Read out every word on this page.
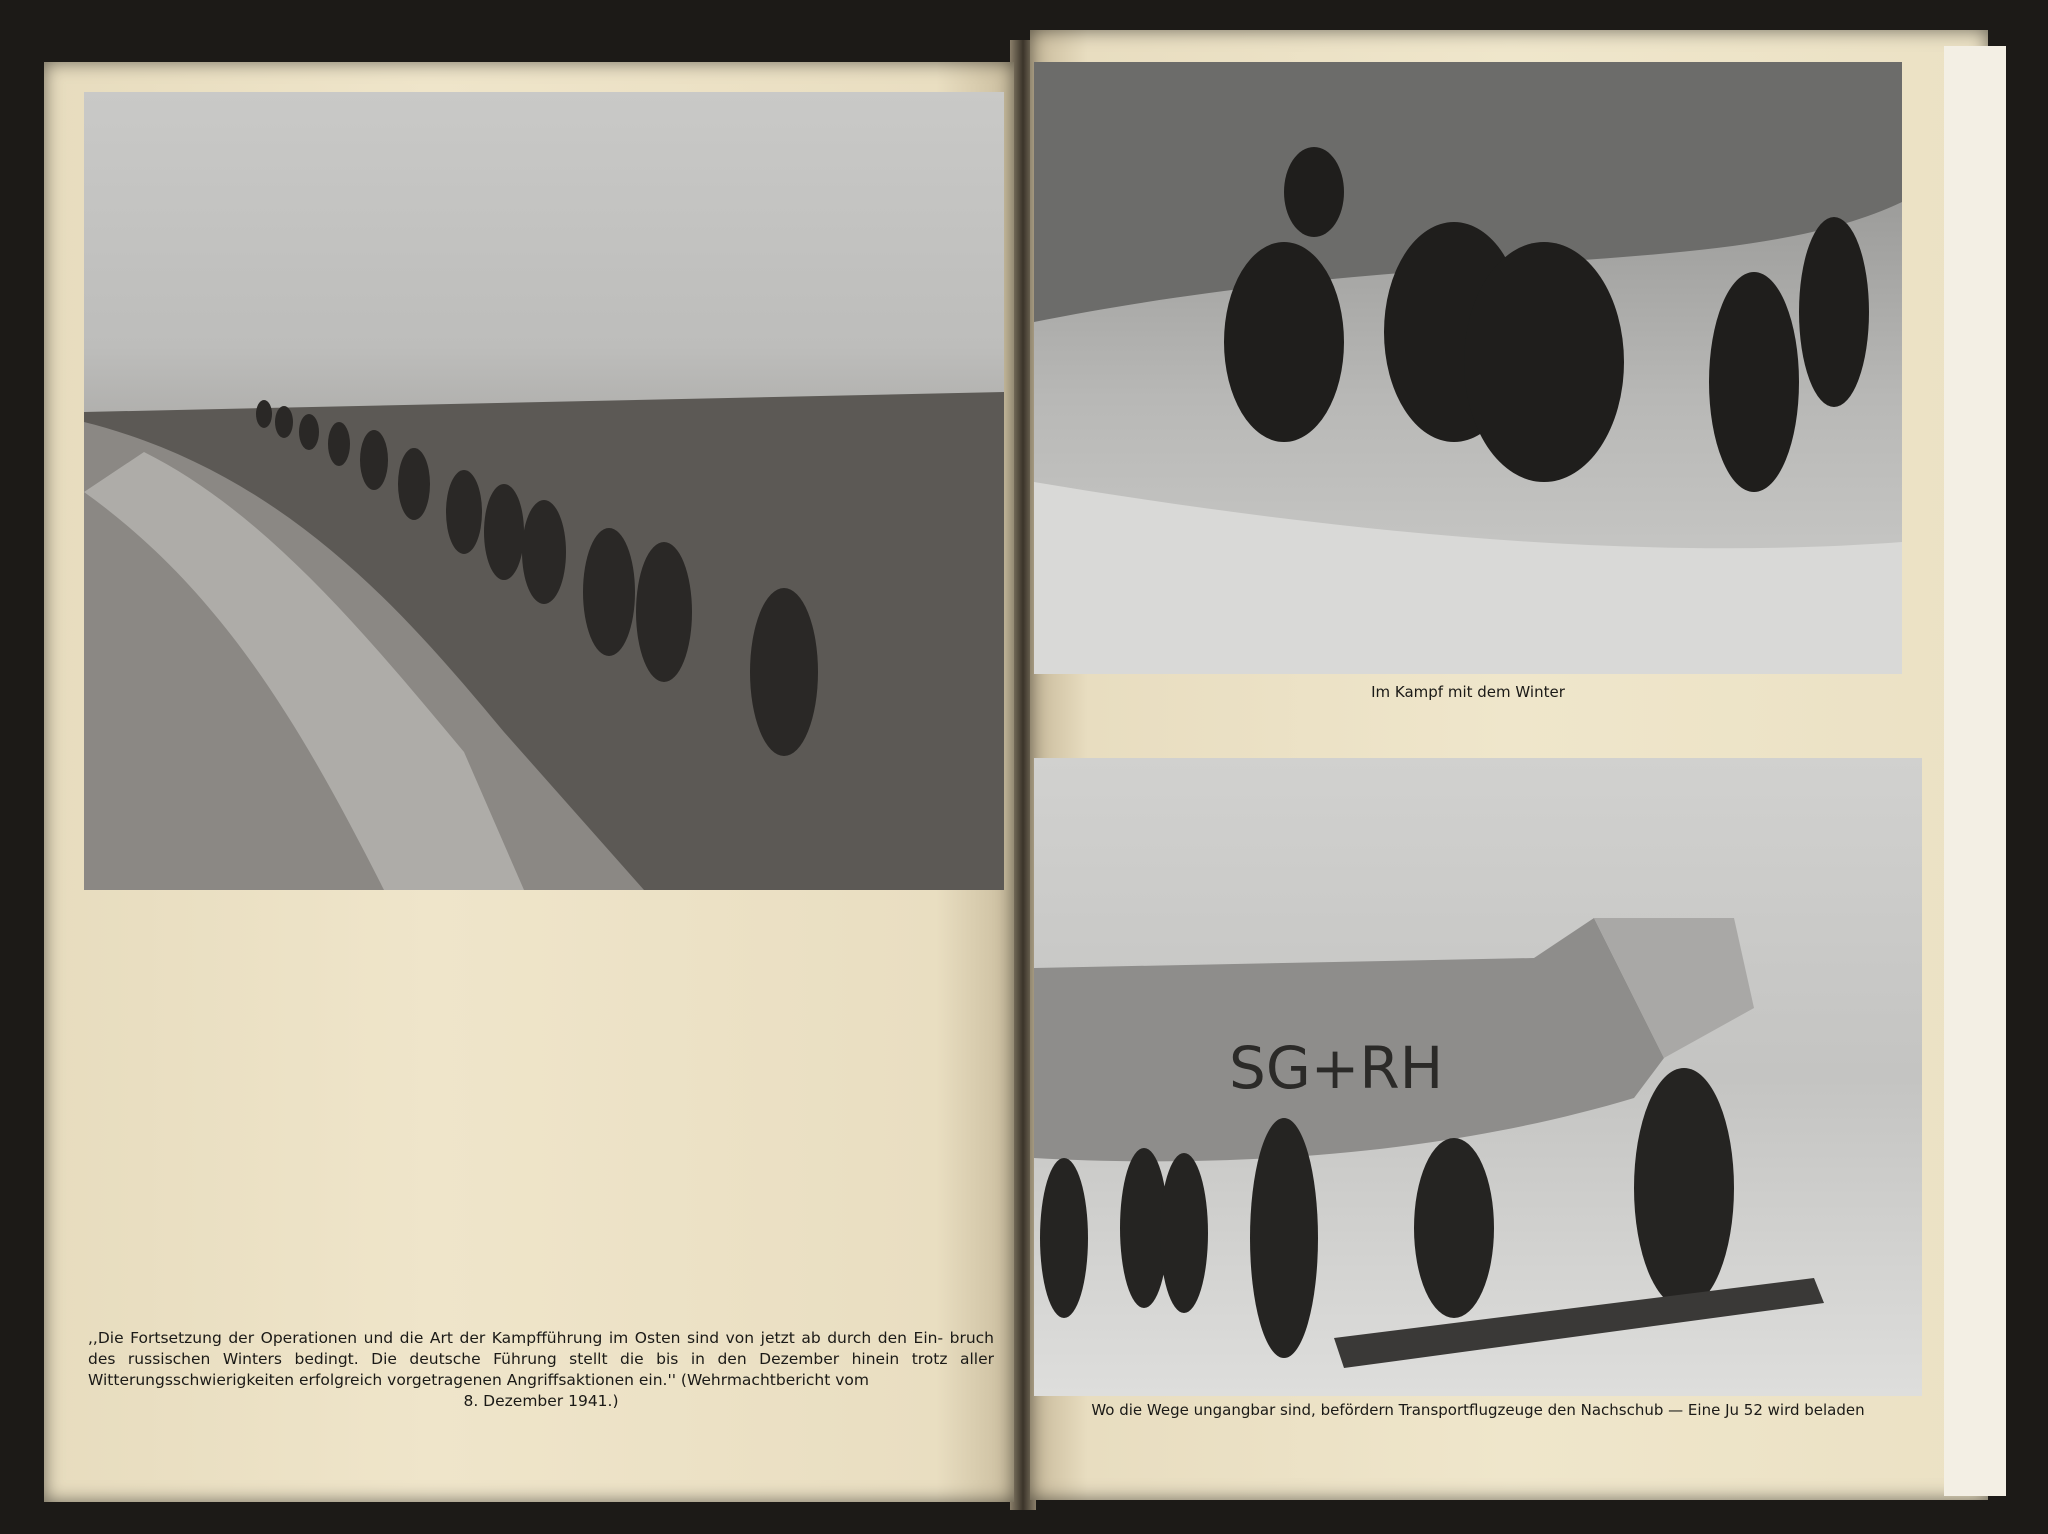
,,Die Fortsetzung der Operationen und die Art der Kampfführung im Osten sind von jetzt ab durch den Ein- bruch des russischen Winters bedingt. Die deutsche Führung stellt die bis in den Dezember hinein trotz aller Witterungsschwierigkeiten erfolgreich vorgetragenen Angriffsaktionen ein.'' (Wehrmachtbericht vom
8. Dezember 1941.)
Im Kampf mit dem Winter
SG+RH
Wo die Wege ungangbar sind, befördern Transportflugzeuge den Nachschub — Eine Ju 52 wird beladen
